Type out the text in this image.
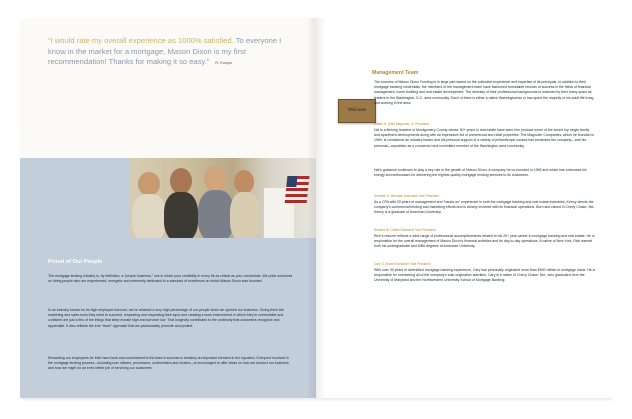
“I would rate my overall experience as 1000% satisfied. To everyone I know in the market for a mortgage, Mason Dixon is my first recommendation! Thanks for making it so easy.” R. Kooper
Proud of Our People
The mortgage lending industry is, by definition, a “people business,” one in which your credibility in every bit as critical as your credentials. We pride ourselves on hiring people who are experienced, energetic and extremely dedicated to a standard of excellence on which Mason Dixon was founded.
In an industry known for its high employee turnover, we’ve retained a very high percentage of our people since we opened our business. Giving them the marketing and sales tools they need to succeed, respecting and respecting their input and creating a work environment in which they’re comfortable and confident are just a few of the things that keep morale high and turnover low. That longevity contributes to the continuity that customers recognize and appreciate. It also reflects the true “team” approach that we passionately promote and protect.
Rewarding our employees for their hard work and commitment to the team’s success is certainly an important element in the equation. Everyone involved in the mortgage lending process—including loan officers, processors, underwriters and closers—is encouraged to offer ideas on how we conduct our business and how we might do an even better job of servicing our customers.
Management Team
Welcome
The success of Mason Dixon Funding is in large part based on the collective experience and expertise of its principals. In addition to their mortgage banking credentials, the members of the management team have fashioned formidable records of success in the fields of financial management, home building and real estate development. The diversity of their professional backgrounds is matched by their many years as leaders in the Washington, D.C. area community. Each of them is either a native Washingtonian or has spent the majority of his adult life living and working in the area.
Walter H. (Hal) Magruder, Jr. President
Hal is a lifelong resident of Montgomery County whose 30+ years in real estate have seen him produce some of the area’s top single family and apartment developments along with an impressive list of commercial and retail properties. The Magruder Companies, which he founded in 1969, is considered an industry leader and his personal support of a variety of philanthropic causes has cemented the company—and his personal—reputation as a concerned and committed member of the Washington area community.
Hal’s guidance continues to play a key role in the growth of Mason Dixon, a company he co-founded in 1996 and which has embraced his energy and enthusiasm for delivering the highest quality mortgage lending services to its customers.
Kenneth G. Brennan Executive Vice President
As a CPA with 20 years of management and “hands on” experience in both the mortgage banking and real estate industries, Kenny directs the company’s commercial lending and marketing efforts and is closely involved with its financial operations. Born and raised in Chevy Chase, Md., Kenny is a graduate of American University.
Richard W. Oakes Executive Vice President
Rich’s resume reflects a wide range of professional accomplishments related to his 20+ year career in mortgage banking and real estate. He is responsible for the overall management of Mason Dixon’s financial activities and its day-to-day operations. A native of New York, Rich earned both his undergraduate and MBA degrees at American University.
Cary S. Brown Executive Vice President
With over 30 years of diversified mortgage banking experience, Cary has personally originated more than $500 million in mortgage loans. He is responsible for overseeing all of the company’s loan origination activities. Cary is a native of Chevy Chase, Md., who graduated from the University of Maryland and the Northwestern University School of Mortgage Banking.
